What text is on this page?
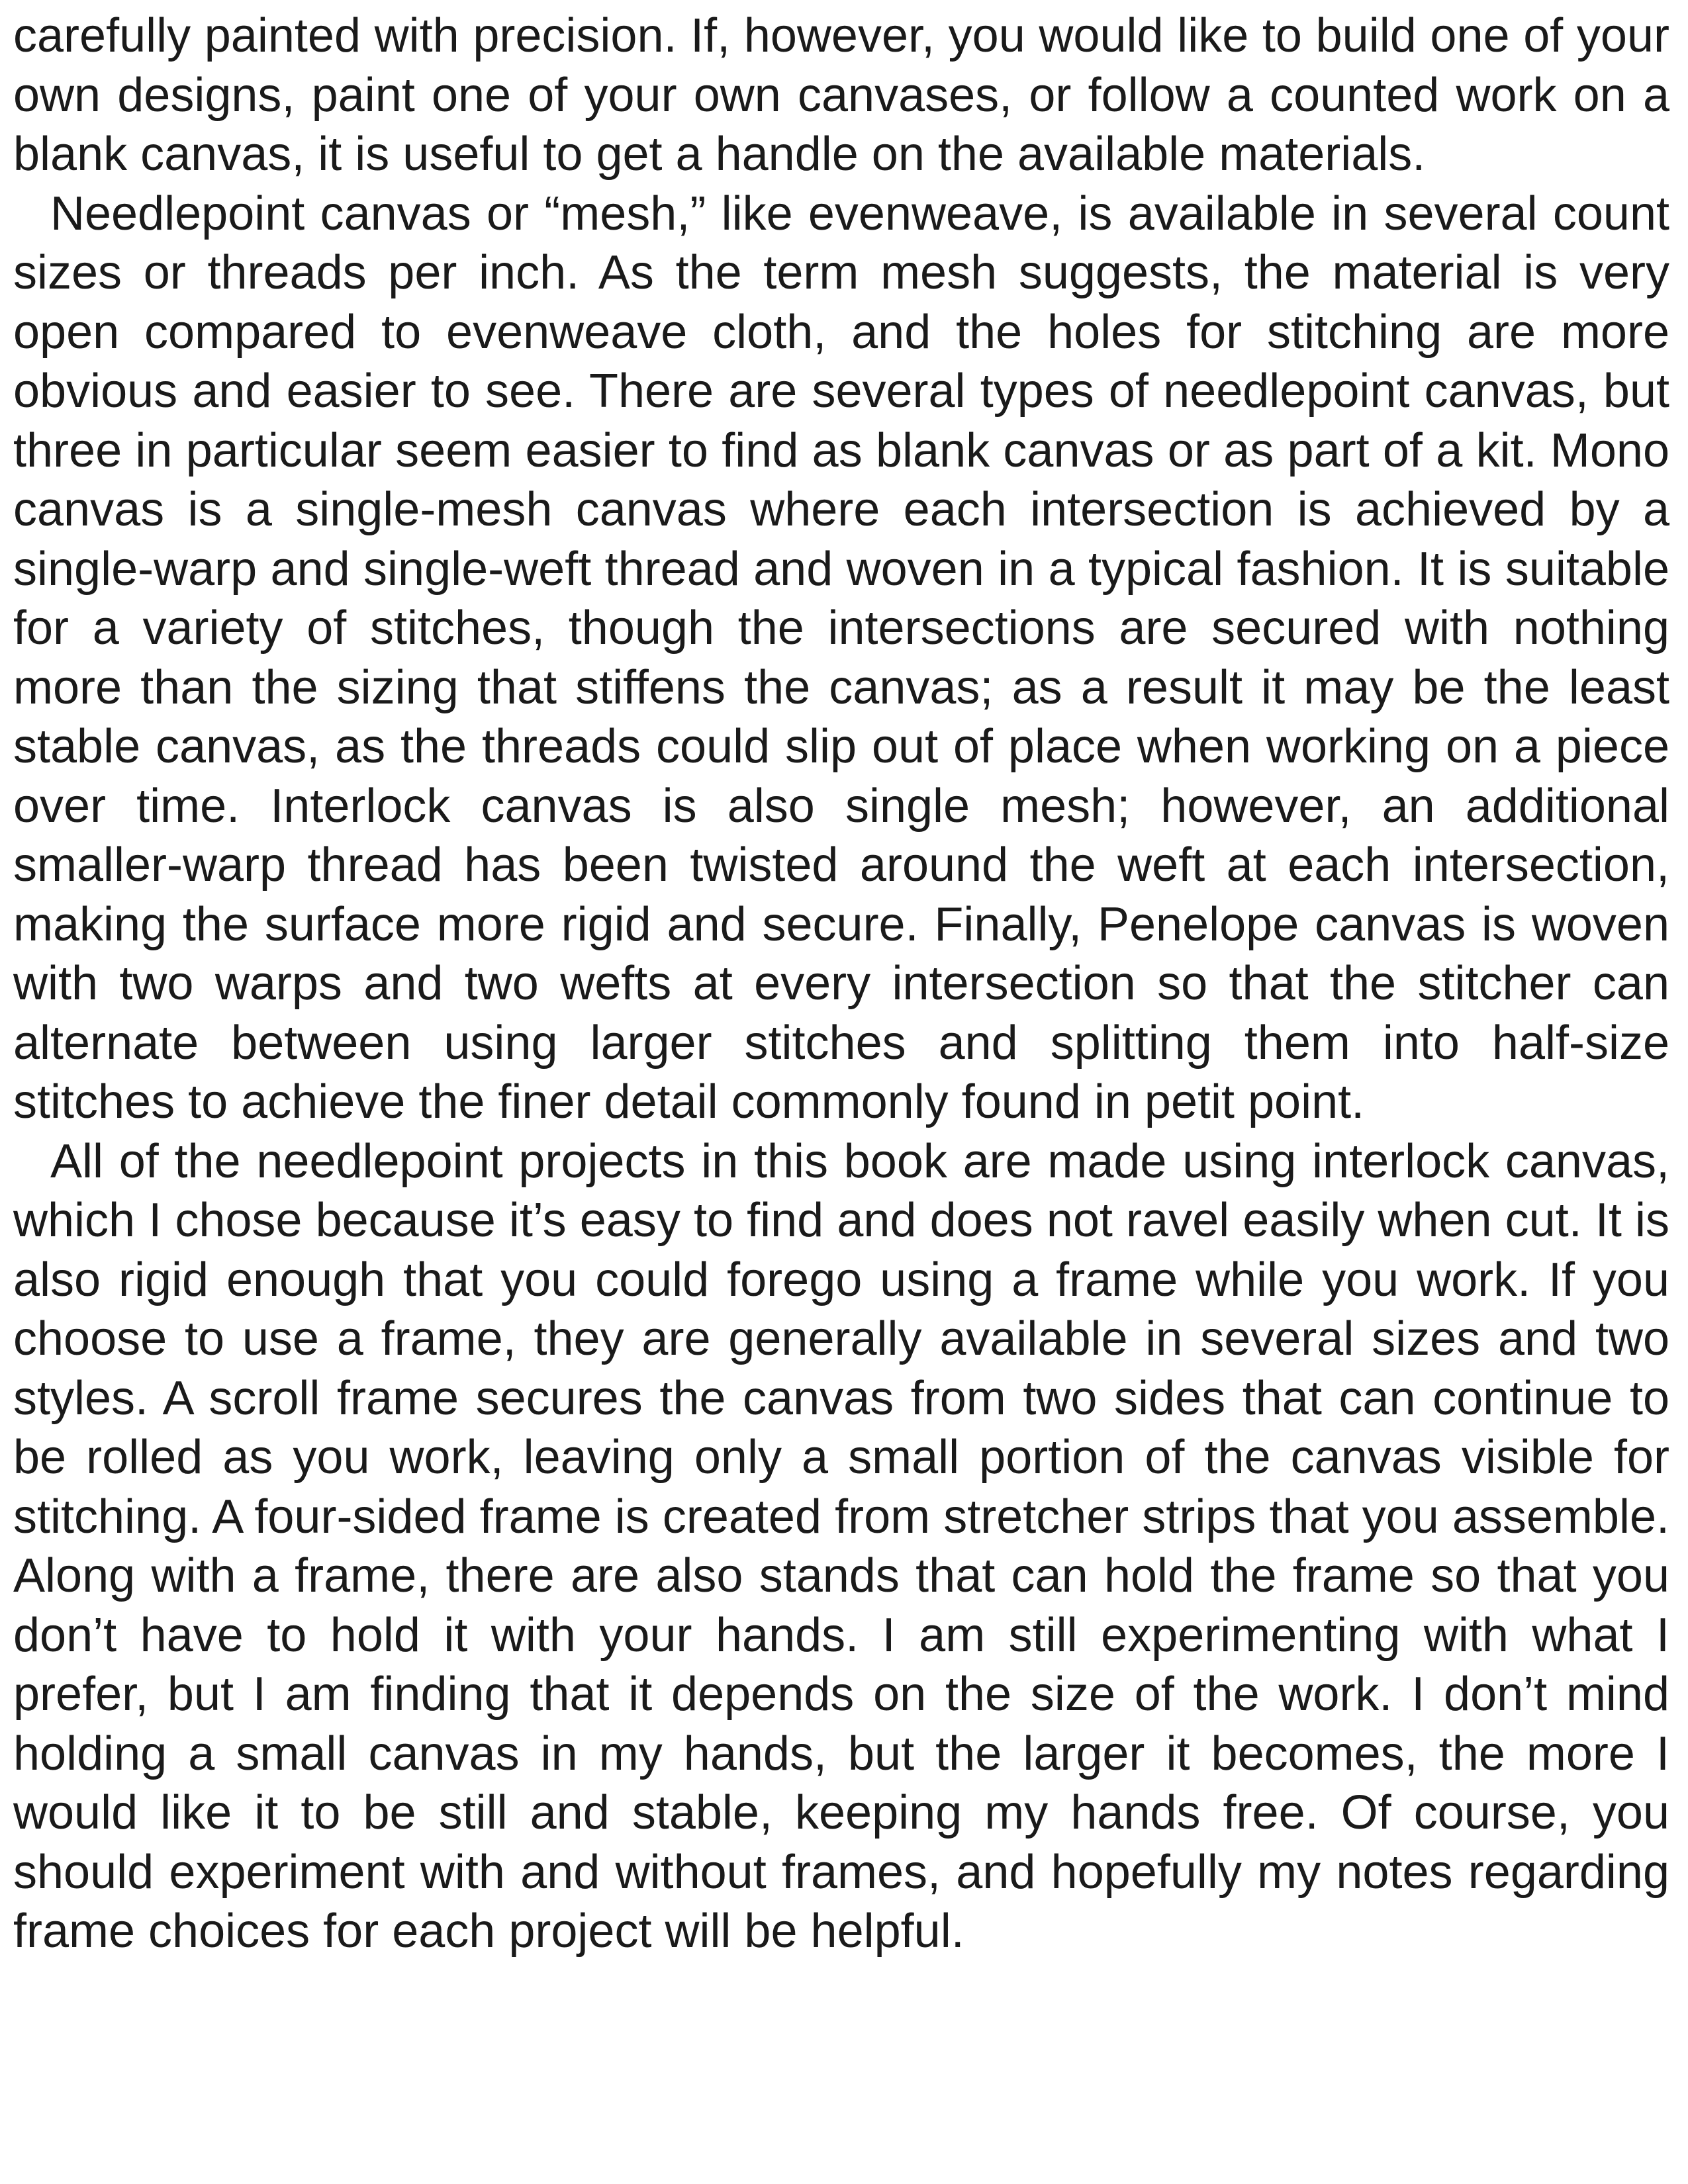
carefully painted with precision. If, however, you would like to build one of your own designs, paint one of your own canvases, or follow a counted work on a blank canvas, it is useful to get a handle on the available materials.

Needlepoint canvas or “mesh,” like evenweave, is available in several count sizes or threads per inch. As the term mesh suggests, the material is very open compared to evenweave cloth, and the holes for stitching are more obvious and easier to see. There are several types of needlepoint canvas, but three in particular seem easier to find as blank canvas or as part of a kit. Mono canvas is a single-mesh canvas where each intersection is achieved by a single-warp and single-weft thread and woven in a typical fashion. It is suitable for a variety of stitches, though the intersections are secured with nothing more than the sizing that stiffens the canvas; as a result it may be the least stable canvas, as the threads could slip out of place when working on a piece over time. Interlock canvas is also single mesh; however, an additional smaller-warp thread has been twisted around the weft at each intersection, making the surface more rigid and secure. Finally, Penelope canvas is woven with two warps and two wefts at every intersection so that the stitcher can alternate between using larger stitches and splitting them into half-size stitches to achieve the finer detail commonly found in petit point.

All of the needlepoint projects in this book are made using interlock canvas, which I chose because it’s easy to find and does not ravel easily when cut. It is also rigid enough that you could forego using a frame while you work. If you choose to use a frame, they are generally available in several sizes and two styles. A scroll frame secures the canvas from two sides that can continue to be rolled as you work, leaving only a small portion of the canvas visible for stitching. A four-sided frame is created from stretcher strips that you assemble. Along with a frame, there are also stands that can hold the frame so that you don’t have to hold it with your hands. I am still experimenting with what I prefer, but I am finding that it depends on the size of the work. I don’t mind holding a small canvas in my hands, but the larger it becomes, the more I would like it to be still and stable, keeping my hands free. Of course, you should experiment with and without frames, and hopefully my notes regarding frame choices for each project will be helpful.
